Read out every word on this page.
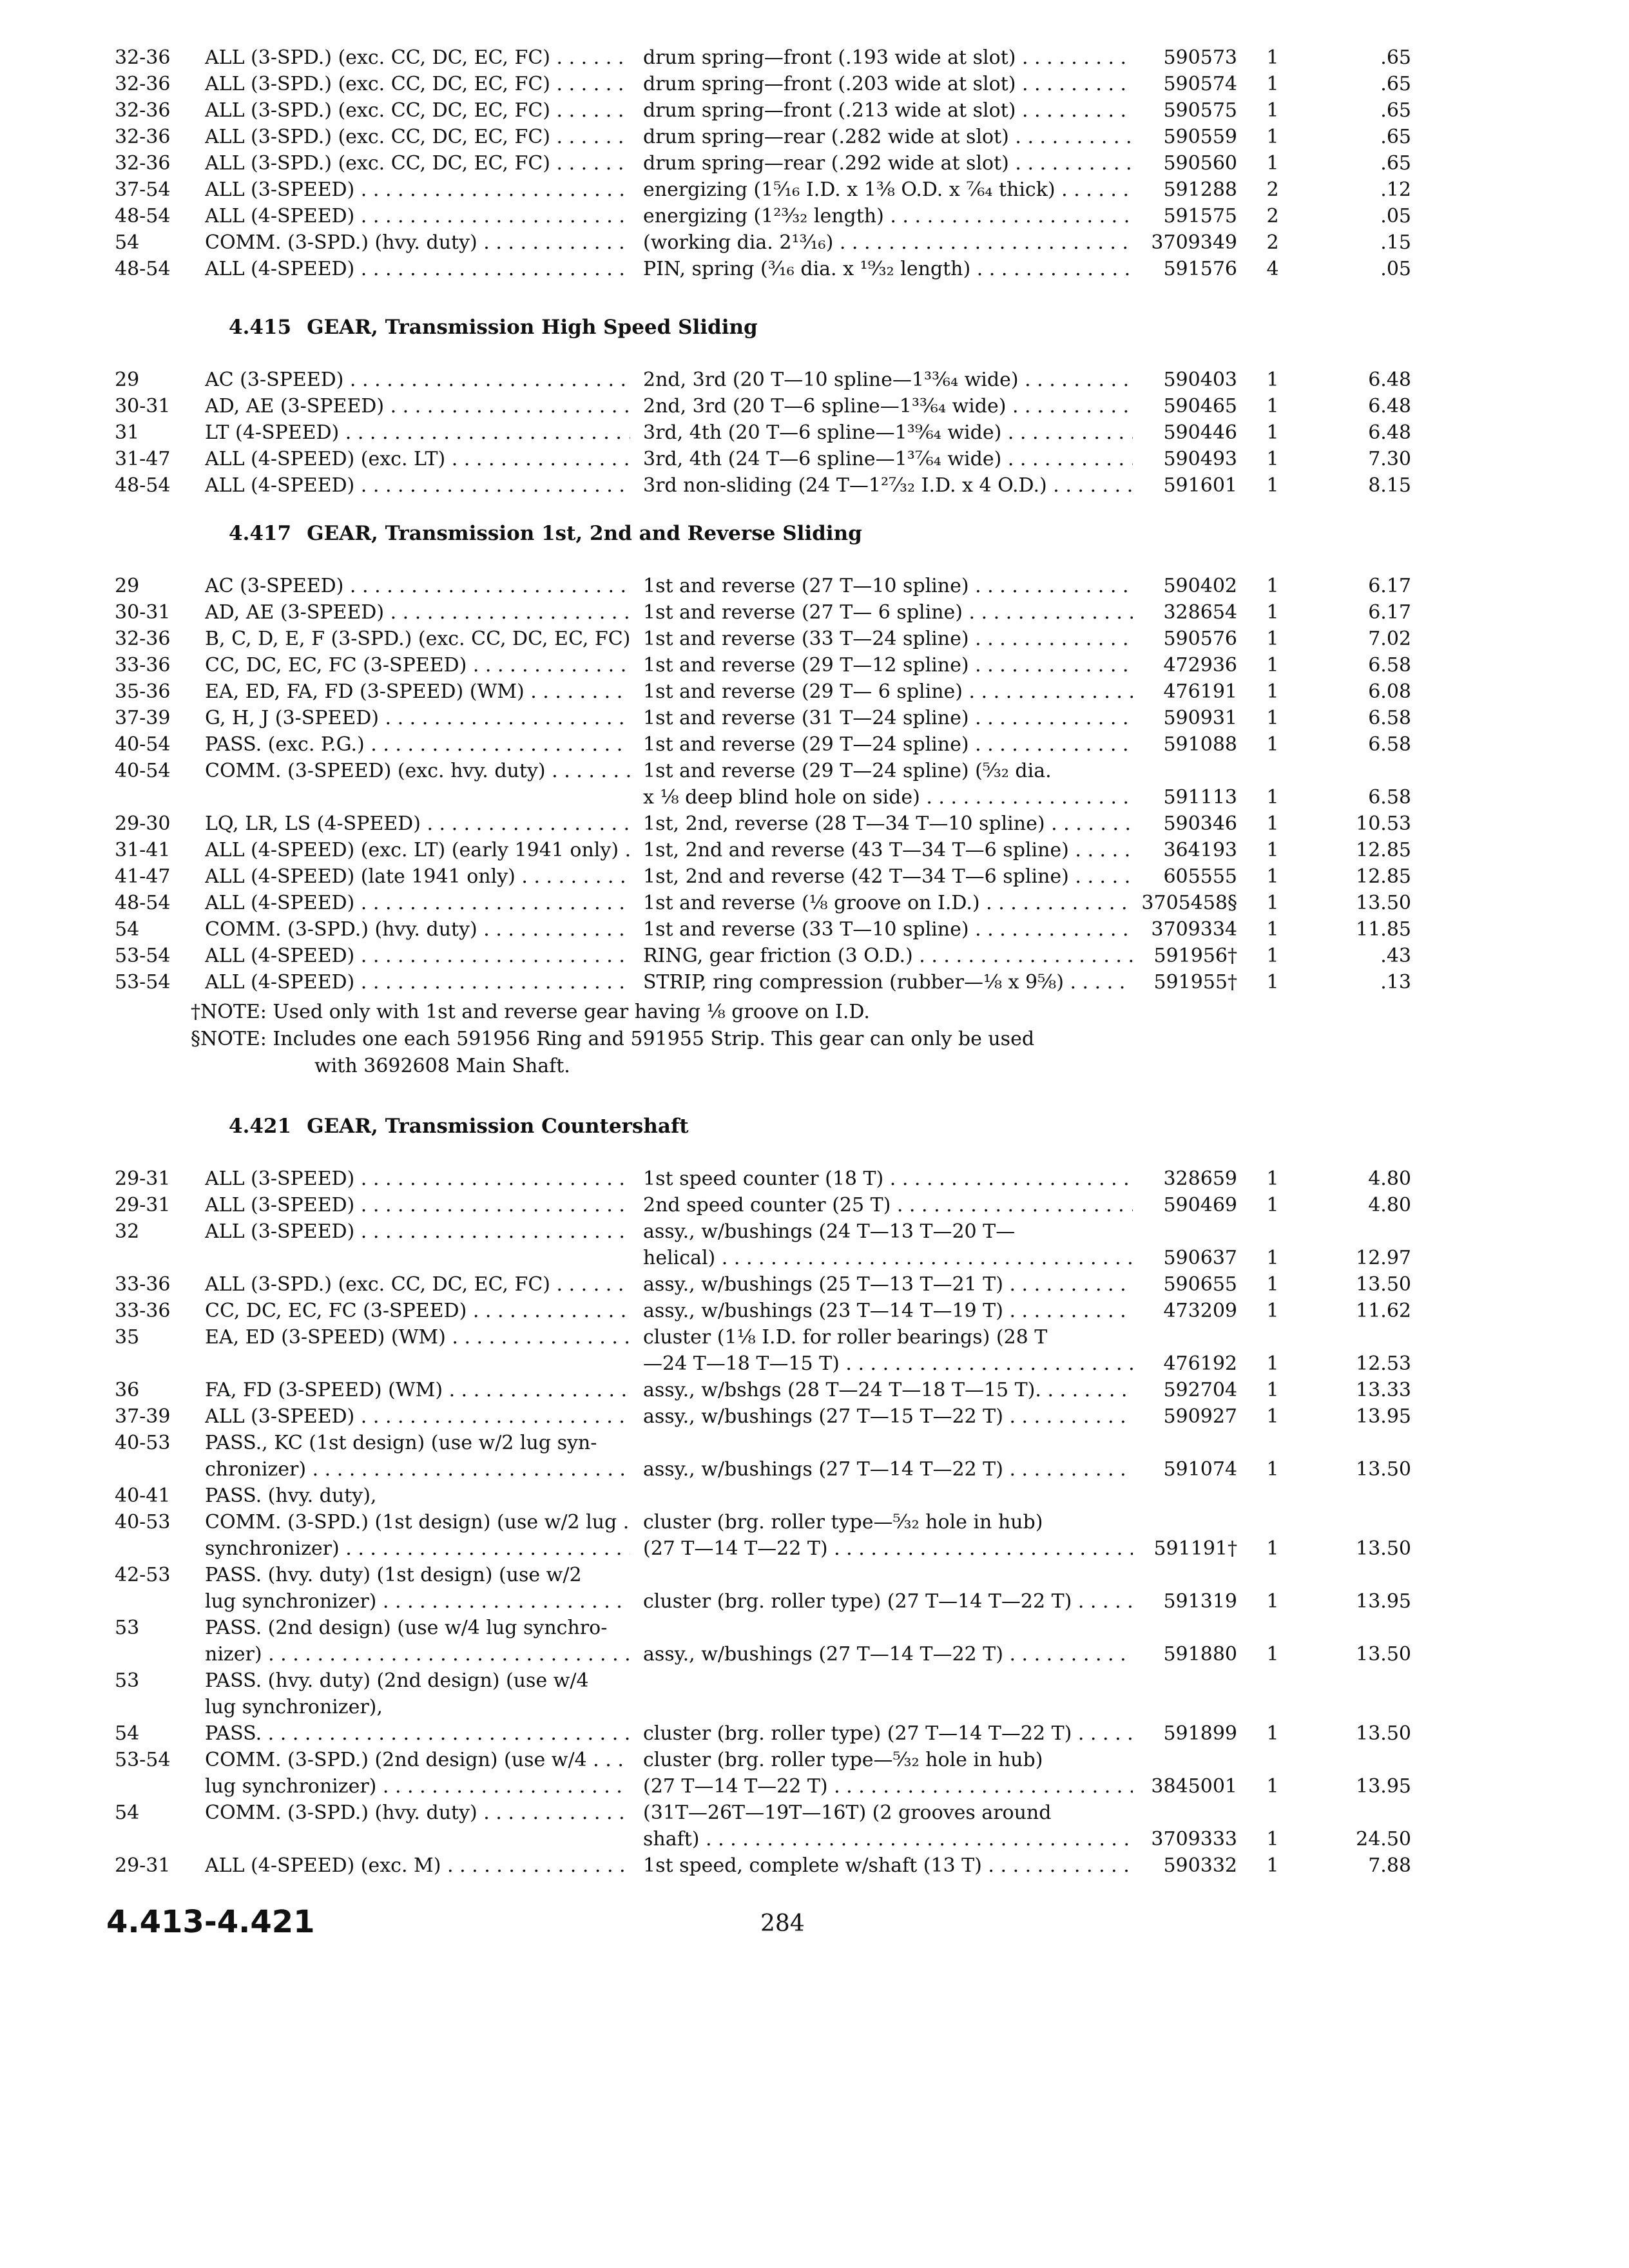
32-36	ALL (3-SPD.) (exc. CC, DC, EC, FC) . . .	drum spring—front (.193 wide at slot) . . .	590573	1	.65
32-36	ALL (3-SPD.) (exc. CC, DC, EC, FC) . . .	drum spring—front (.203 wide at slot) . . .	590574	1	.65
32-36	ALL (3-SPD.) (exc. CC, DC, EC, FC) . . .	drum spring—front (.213 wide at slot) . . .	590575	1	.65
32-36	ALL (3-SPD.) (exc. CC, DC, EC, FC) . . .	drum spring—rear (.282 wide at slot) . . .	590559	1	.65
32-36	ALL (3-SPD.) (exc. CC, DC, EC, FC) . . .	drum spring—rear (.292 wide at slot) . . .	590560	1	.65
37-54	ALL (3-SPEED) . . .	energizing (1⁵⁄₁₆ I.D. x 1³⁄₈ O.D. x ⁷⁄₆₄ thick) . . .	591288	2	.12
48-54	ALL (4-SPEED) . . .	energizing (1²³⁄₃₂ length) . . .	591575	2	.05
54	COMM. (3-SPD.) (hvy. duty) . . .	(working dia. 2¹³⁄₁₆) . . .	3709349	2	.15
48-54	ALL (4-SPEED) . . .	PIN, spring (³⁄₁₆ dia. x ¹⁹⁄₃₂ length) . . .	591576	4	.05
4.415 GEAR, Transmission High Speed Sliding
29	AC (3-SPEED) . . .	2nd, 3rd (20 T—10 spline—1³³⁄₆₄ wide) . . .	590403	1	6.48
30-31	AD, AE (3-SPEED) . . .	2nd, 3rd (20 T—6 spline—1³³⁄₆₄ wide) . . .	590465	1	6.48
31	LT (4-SPEED) . . .	3rd, 4th (20 T—6 spline—1³⁹⁄₆₄ wide) . . .	590446	1	6.48
31-47	ALL (4-SPEED) (exc. LT) . . .	3rd, 4th (24 T—6 spline—1³⁷⁄₆₄ wide) . . .	590493	1	7.30
48-54	ALL (4-SPEED) . . .	3rd non-sliding (24 T—1²⁷⁄₃₂ I.D. x 4 O.D.) . . .	591601	1	8.15
4.417 GEAR, Transmission 1st, 2nd and Reverse Sliding
29	AC (3-SPEED) . . .	1st and reverse (27 T—10 spline) . . .	590402	1	6.17
30-31	AD, AE (3-SPEED) . . .	1st and reverse (27 T— 6 spline) . . .	328654	1	6.17
32-36	B, C, D, E, F (3-SPD.) (exc. CC, DC, EC, FC) . . . 1st and reverse (33 T—24 spline) . . .	590576	1	7.02
33-36	CC, DC, EC, FC (3-SPEED) . . .	1st and reverse (29 T—12 spline) . . .	472936	1	6.58
35-36	EA, ED, FA, FD (3-SPEED) (WM) . . .	1st and reverse (29 T— 6 spline) . . .	476191	1	6.08
37-39	G, H, J (3-SPEED) . . .	1st and reverse (31 T—24 spline) . . .	590931	1	6.58
40-54	PASS. (exc. P.G.) . . .	1st and reverse (29 T—24 spline) . . .	591088	1	6.58
40-54	COMM. (3-SPEED) (exc. hvy. duty) . . .	1st and reverse (29 T—24 spline) (⁵⁄₃₂ dia.
x ⅛ deep blind hole on side) . . .	591113	1	6.58
29-30	LQ, LR, LS (4-SPEED) . . .	1st, 2nd, reverse (28 T—34 T—10 spline) . . .	590346	1	10.53
31-41	ALL (4-SPEED) (exc. LT) (early 1941 only) . . .	1st, 2nd and reverse (43 T—34 T—6 spline) . . .	364193	1	12.85
41-47	ALL (4-SPEED) (late 1941 only) . . .	1st, 2nd and reverse (42 T—34 T—6 spline) . . .	605555	1	12.85
48-54	ALL (4-SPEED) . . .	1st and reverse (⅛ groove on I.D.) . . .	3705458§	1	13.50
54	COMM. (3-SPD.) (hvy. duty) . . .	1st and reverse (33 T—10 spline) . . .	3709334	1	11.85
53-54	ALL (4-SPEED) . . .	RING, gear friction (3 O.D.) . . .	591956†	1	.43
53-54	ALL (4-SPEED) . . .	STRIP, ring compression (rubber—⅛ x 9⅝) . . .	591955†	1	.13
†NOTE: Used only with 1st and reverse gear having ⅛ groove on I.D.
§NOTE: Includes one each 591956 Ring and 591955 Strip. This gear can only be used
with 3692608 Main Shaft.
4.421 GEAR, Transmission Countershaft
29-31	ALL (3-SPEED) . . .	1st speed counter (18 T) . . .	328659	1	4.80
29-31	ALL (3-SPEED) . . .	2nd speed counter (25 T) . . .	590469	1	4.80
32	ALL (3-SPEED) . . .	assy., w/bushings (24 T—13 T—20 T—
helical) . . .	590637	1	12.97
33-36	ALL (3-SPD.) (exc. CC, DC, EC, FC) . . .	assy., w/bushings (25 T—13 T—21 T) . . .	590655	1	13.50
33-36	CC, DC, EC, FC (3-SPEED) . . .	assy., w/bushings (23 T—14 T—19 T) . . .	473209	1	11.62
35	EA, ED (3-SPEED) (WM) . . .	cluster (1⅛ I.D. for roller bearings) (28 T
—24 T—18 T—15 T) . . .	476192	1	12.53
36	FA, FD (3-SPEED) (WM) . . .	assy., w/bshgs (28 T—24 T—18 T—15 T). . . .	592704	1	13.33
37-39	ALL (3-SPEED) . . .	assy., w/bushings (27 T—15 T—22 T) . . .	590927	1	13.95
40-53	PASS., KC (1st design) (use w/2 lug syn-
chronizer) . . .	assy., w/bushings (27 T—14 T—22 T) . . .	591074	1	13.50
40-41	PASS. (hvy. duty),
40-53	COMM. (3-SPD.) (1st design) (use w/2 lug . . .	cluster (brg. roller type—⁵⁄₃₂ hole in hub)
synchronizer) . . .	(27 T—14 T—22 T) . . .	591191†	1	13.50
42-53	PASS. (hvy. duty) (1st design) (use w/2
lug synchronizer) . . .	cluster (brg. roller type) (27 T—14 T—22 T) . . .	591319	1	13.95
53	PASS. (2nd design) (use w/4 lug synchro-
nizer) . . .	assy., w/bushings (27 T—14 T—22 T) . . .	591880	1	13.50
53	PASS. (hvy. duty) (2nd design) (use w/4
lug synchronizer),
54	PASS. . . .	cluster (brg. roller type) (27 T—14 T—22 T) . . .	591899	1	13.50
53-54	COMM. (3-SPD.) (2nd design) (use w/4 . . .	cluster (brg. roller type—⁵⁄₃₂ hole in hub)
lug synchronizer) . . .	(27 T—14 T—22 T) . . .	3845001	1	13.95
54	COMM. (3-SPD.) (hvy. duty) . . .	(31T—26T—19T—16T) (2 grooves around
shaft) . . .	3709333	1	24.50
29-31	ALL (4-SPEED) (exc. M) . . .	1st speed, complete w/shaft (13 T) . . .	590332	1	7.88
4.413-4.421	284
